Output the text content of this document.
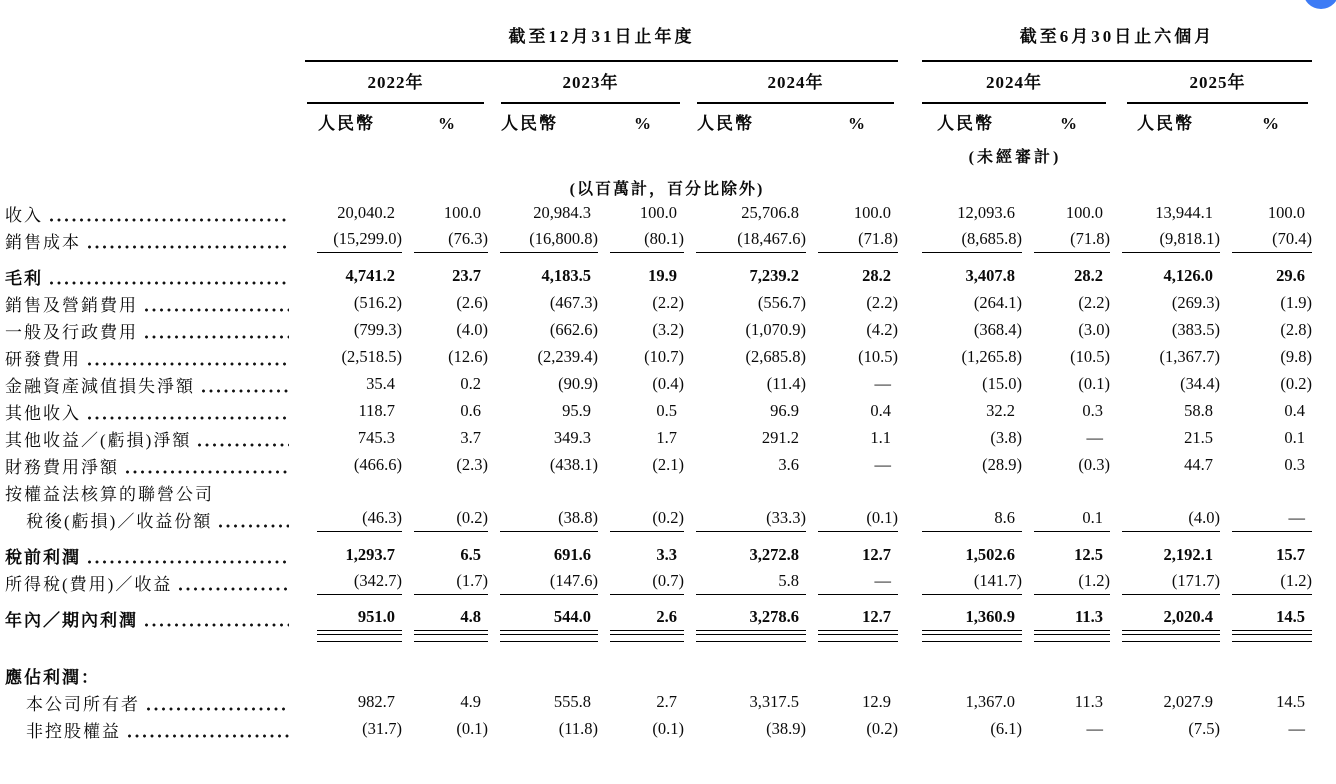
	截至12月31日止年度						截至6月30日止六個月			

	2022年		2023年		2024年		2024年		2025年	

	人民幣	%	人民幣	%	人民幣	%	人民幣	%	人民幣	%

							(未經審計)			

			(以百萬計，百分比除外)							

收入	20,040.2	100.0	20,984.3	100.0	25,706.8	100.0	12,093.6	100.0	13,944.1	100.0

銷售成本	(15,299.0)	(76.3)	(16,800.8)	(80.1)	(18,467.6)	(71.8)	(8,685.8)	(71.8)	(9,818.1)	(70.4)

毛利	4,741.2	23.7	4,183.5	19.9	7,239.2	28.2	3,407.8	28.2	4,126.0	29.6

銷售及營銷費用	(516.2)	(2.6)	(467.3)	(2.2)	(556.7)	(2.2)	(264.1)	(2.2)	(269.3)	(1.9)

一般及行政費用	(799.3)	(4.0)	(662.6)	(3.2)	(1,070.9)	(4.2)	(368.4)	(3.0)	(383.5)	(2.8)

研發費用	(2,518.5)	(12.6)	(2,239.4)	(10.7)	(2,685.8)	(10.5)	(1,265.8)	(10.5)	(1,367.7)	(9.8)

金融資產減值損失淨額	35.4	0.2	(90.9)	(0.4)	(11.4)	—	(15.0)	(0.1)	(34.4)	(0.2)

其他收入	118.7	0.6	95.9	0.5	96.9	0.4	32.2	0.3	58.8	0.4

其他收益／(虧損)淨額	745.3	3.7	349.3	1.7	291.2	1.1	(3.8)	—	21.5	0.1

財務費用淨額	(466.6)	(2.3)	(438.1)	(2.1)	3.6	—	(28.9)	(0.3)	44.7	0.3

按權益法核算的聯營公司										

稅後(虧損)／收益份額	(46.3)	(0.2)	(38.8)	(0.2)	(33.3)	(0.1)	8.6	0.1	(4.0)	—

稅前利潤	1,293.7	6.5	691.6	3.3	3,272.8	12.7	1,502.6	12.5	2,192.1	15.7

所得稅(費用)／收益	(342.7)	(1.7)	(147.6)	(0.7)	5.8	—	(141.7)	(1.2)	(171.7)	(1.2)

年內／期內利潤	951.0	4.8	544.0	2.6	3,278.6	12.7	1,360.9	11.3	2,020.4	14.5

應佔利潤：										

本公司所有者	982.7	4.9	555.8	2.7	3,317.5	12.9	1,367.0	11.3	2,027.9	14.5

非控股權益	(31.7)	(0.1)	(11.8)	(0.1)	(38.9)	(0.2)	(6.1)	—	(7.5)	—
